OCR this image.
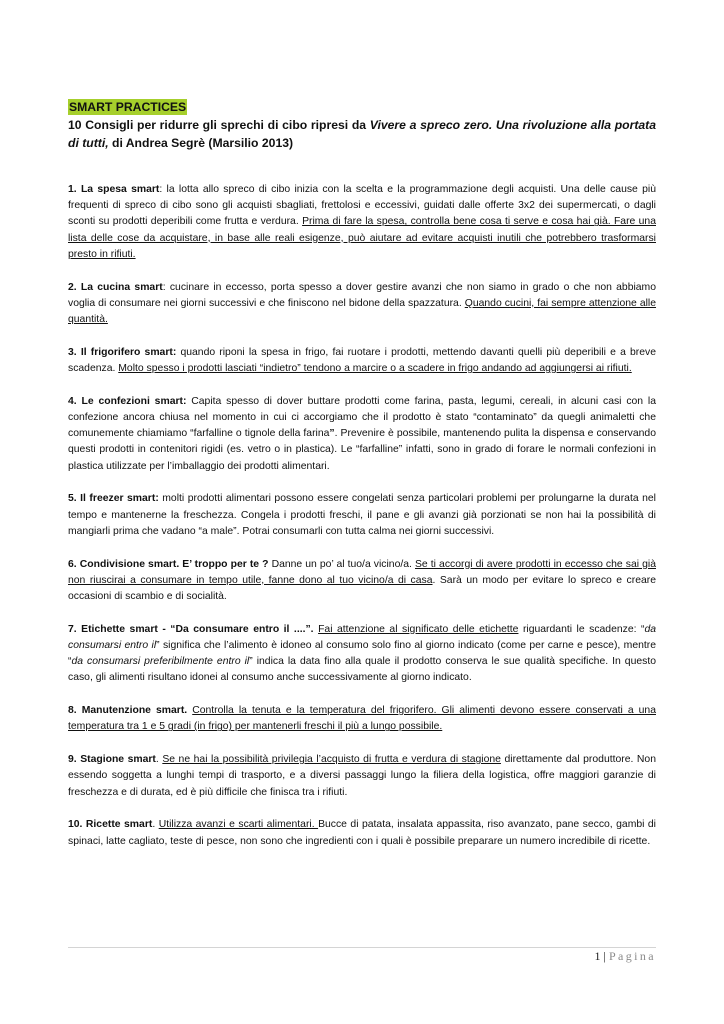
SMART PRACTICES
10 Consigli per ridurre gli sprechi di cibo ripresi da Vivere a spreco zero. Una rivoluzione alla portata di tutti, di Andrea Segrè (Marsilio 2013)

1. La spesa smart: la lotta allo spreco di cibo inizia con la scelta e la programmazione degli acquisti. Una delle cause più frequenti di spreco di cibo sono gli acquisti sbagliati, frettolosi e eccessivi, guidati dalle offerte 3x2 dei supermercati, o dagli sconti su prodotti deperibili come frutta e verdura. Prima di fare la spesa, controlla bene cosa ti serve e cosa hai già. Fare una lista delle cose da acquistare, in base alle reali esigenze, può aiutare ad evitare acquisti inutili che potrebbero trasformarsi presto in rifiuti.

2. La cucina smart: cucinare in eccesso, porta spesso a dover gestire avanzi che non siamo in grado o che non abbiamo voglia di consumare nei giorni successivi e che finiscono nel bidone della spazzatura. Quando cucini, fai sempre attenzione alle quantità.

3. Il frigorifero smart: quando riponi la spesa in frigo, fai ruotare i prodotti, mettendo davanti quelli più deperibili e a breve scadenza. Molto spesso i prodotti lasciati “indietro” tendono a marcire o a scadere in frigo andando ad aggiungersi ai rifiuti.

4. Le confezioni smart: Capita spesso di dover buttare prodotti come farina, pasta, legumi, cereali, in alcuni casi con la confezione ancora chiusa nel momento in cui ci accorgiamo che il prodotto è stato “contaminato” da quegli animaletti che comunemente chiamiamo “farfalline o tignole della farina”. Prevenire è possibile, mantenendo pulita la dispensa e conservando questi prodotti in contenitori rigidi (es. vetro o in plastica). Le “farfalline” infatti, sono in grado di forare le normali confezioni in plastica utilizzate per l’imballaggio dei prodotti alimentari.

5. Il freezer smart: molti prodotti alimentari possono essere congelati senza particolari problemi per prolungarne la durata nel tempo e mantenerne la freschezza. Congela i prodotti freschi, il pane e gli avanzi già porzionati se non hai la possibilità di mangiarli prima che vadano “a male”. Potrai consumarli con tutta calma nei giorni successivi.

6. Condivisione smart. E’ troppo per te ? Danne un po’ al tuo/a vicino/a. Se ti accorgi di avere prodotti in eccesso che sai già non riuscirai a consumare in tempo utile, fanne dono al tuo vicino/a di casa. Sarà un modo per evitare lo spreco e creare occasioni di scambio e di socialità.

7. Etichette smart - “Da consumare entro il ....”. Fai attenzione al significato delle etichette riguardanti le scadenze: “da consumarsi entro il” significa che l’alimento è idoneo al consumo solo fino al giorno indicato (come per carne e pesce), mentre “da consumarsi preferibilmente entro il” indica la data fino alla quale il prodotto conserva le sue qualità specifiche. In questo caso, gli alimenti risultano idonei al consumo anche successivamente al giorno indicato.

8. Manutenzione smart. Controlla la tenuta e la temperatura del frigorifero. Gli alimenti devono essere conservati a una temperatura tra 1 e 5 gradi (in frigo) per mantenerli freschi il più a lungo possibile.

9. Stagione smart. Se ne hai la possibilità privilegia l’acquisto di frutta e verdura di stagione direttamente dal produttore. Non essendo soggetta a lunghi tempi di trasporto, e a diversi passaggi lungo la filiera della logistica, offre maggiori garanzie di freschezza e di durata, ed è più difficile che finisca tra i rifiuti.

10. Ricette smart. Utilizza avanzi e scarti alimentari. Bucce di patata, insalata appassita, riso avanzato, pane secco, gambi di spinaci, latte cagliato, teste di pesce, non sono che ingredienti con i quali è possibile preparare un numero incredibile di ricette.

1 | Pagina
